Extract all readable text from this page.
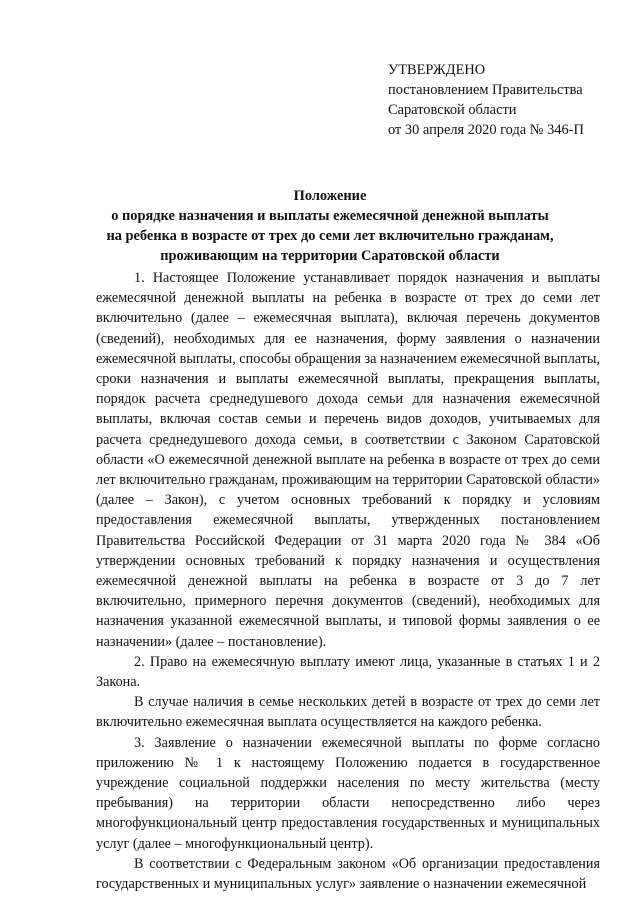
УТВЕРЖДЕНО
постановлением Правительства
Саратовской области
от 30 апреля 2020 года № 346-П
Положение
о порядке назначения и выплаты ежемесячной денежной выплаты
на ребенка в возрасте от трех до семи лет включительно гражданам,
проживающим на территории Саратовской области

1. Настоящее Положение устанавливает порядок назначения и выплаты ежемесячной денежной выплаты на ребенка в возрасте от трех до семи лет включительно (далее – ежемесячная выплата), включая перечень документов (сведений), необходимых для ее назначения, форму заявления о назначении ежемесячной выплаты, способы обращения за назначением ежемесячной выплаты, сроки назначения и выплаты ежемесячной выплаты, прекращения выплаты, порядок расчета среднедушевого дохода семьи для назначения ежемесячной выплаты, включая состав семьи и перечень видов доходов, учитываемых для расчета среднедушевого дохода семьи, в соответствии с Законом Саратовской области «О ежемесячной денежной выплате на ребенка в возрасте от трех до семи лет включительно гражданам, проживающим на территории Саратовской области» (далее – Закон), с учетом основных требований к порядку и условиям предоставления ежемесячной выплаты, утвержденных постановлением Правительства Российской Федерации от 31 марта 2020 года № 384 «Об утверждении основных требований к порядку назначения и осуществления ежемесячной денежной выплаты на ребенка в возрасте от 3 до 7 лет включительно, примерного перечня документов (сведений), необходимых для назначения указанной ежемесячной выплаты, и типовой формы заявления о ее назначении» (далее – постановление).

2. Право на ежемесячную выплату имеют лица, указанные в статьях 1 и 2 Закона.

В случае наличия в семье нескольких детей в возрасте от трех до семи лет включительно ежемесячная выплата осуществляется на каждого ребенка.

3. Заявление о назначении ежемесячной выплаты по форме согласно приложению № 1 к настоящему Положению подается в государственное учреждение социальной поддержки населения по месту жительства (месту пребывания) на территории области непосредственно либо через многофункциональный центр предоставления государственных и муниципальных услуг (далее – многофункциональный центр).

В соответствии с Федеральным законом «Об организации предоставления государственных и муниципальных услуг» заявление о назначении ежемесячной
